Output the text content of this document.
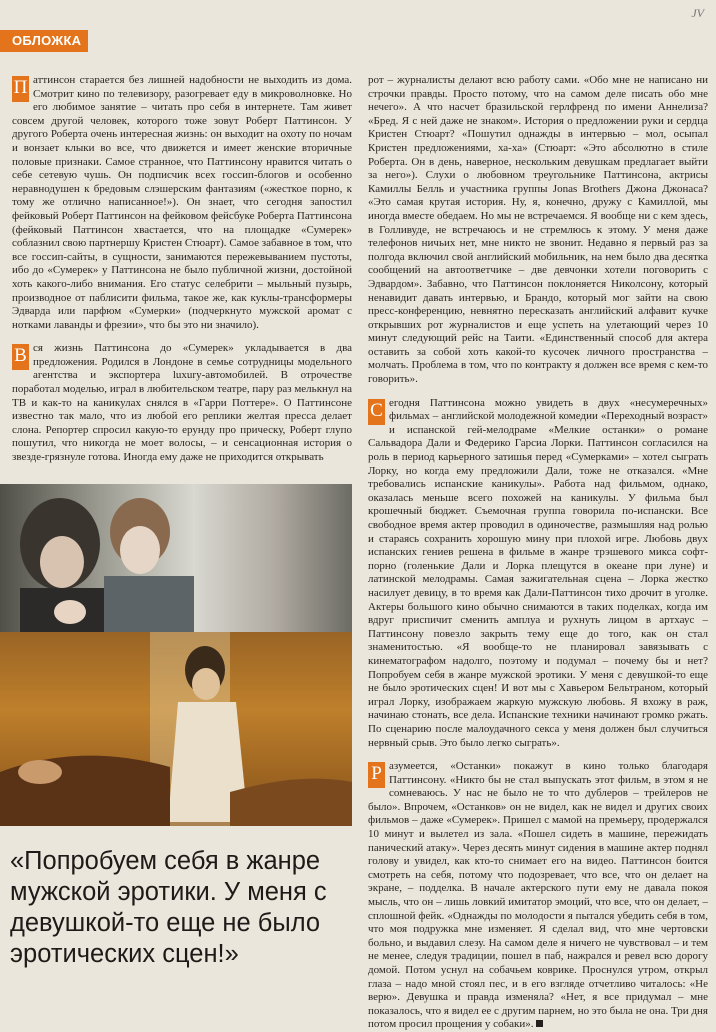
ОБЛОЖКА
JV

П аттинсон старается без лишней надобности не выходить из дома. Смотрит кино по телевизору, разогревает еду в микроволновке. Но его любимое занятие – читать про себя в интернете. Там живет совсем другой человек, которого тоже зовут Роберт Паттинсон. У другого Роберта очень интересная жизнь: он выходит на охоту по ночам и вонзает клыки во все, что движется и имеет женские вторичные половые признаки. Самое странное, что Паттинсону нравится читать о себе сетевую чушь. Он подписчик всех госсип-блогов и особенно неравнодушен к бредовым слэшерским фантазиям («жесткое порно, к тому же отлично написанное!»). Он знает, что сегодня запостил фейковый Роберт Паттинсон на фейковом фейсбуке Роберта Паттинсона (фейковый Паттинсон хвастается, что на площадке «Сумерек» соблазнил свою партнершу Кристен Стюарт). Самое забавное в том, что все госсип-сайты, в сущности, занимаются пережевыванием пустоты, ибо до «Сумерек» у Паттинсона не было публичной жизни, достойной хоть какого-либо внимания. Его статус селебрити – мыльный пузырь, производное от паблисити фильма, такое же, как куклы-трансформеры Эдварда или парфюм «Сумерки» (подчеркнуто мужской аромат с нотками лаванды и фрезии», что бы это ни значило).

В ся жизнь Паттинсона до «Сумерек» укладывается в два предложения. Родился в Лондоне в семье сотрудницы модельного агентства и экспортера luxury-автомобилей. В отрочестве поработал моделью, играл в любительском театре, пару раз мелькнул на ТВ и как-то на каникулах снялся в «Гарри Поттере». О Паттинсоне известно так мало, что из любой его реплики желтая пресса делает слона. Репортер спросил какую-то ерунду про прическу, Роберт глупо пошутил, что никогда не моет волосы, – и сенсационная история о звезде-грязнуле готова. Иногда ему даже не приходится открывать

«Попробуем себя в жанре мужской эротики. У меня с девушкой-то еще не было эротических сцен!»

рот – журналисты делают всю работу сами. «Обо мне не написано ни строчки правды. Просто потому, что на самом деле писать обо мне нечего». А что насчет бразильской герлфренд по имени Аннелиза? «Бред. Я с ней даже не знаком». История о предложении руки и сердца Кристен Стюарт? «Пошутил однажды в интервью – мол, осыпал Кристен предложениями, ха-ха» (Стюарт: «Это абсолютно в стиле Роберта. Он в день, наверное, нескольким девушкам предлагает выйти за него»). Слухи о любовном треугольнике Паттинсона, актрисы Камиллы Белль и участника группы Jonas Brothers Джона Джонаса? «Это самая крутая история. Ну, я, конечно, дружу с Камиллой, мы иногда вместе обедаем. Но мы не встречаемся. Я вообще ни с кем здесь, в Голливуде, не встречаюсь и не стремлюсь к этому. У меня даже телефонов ничьих нет, мне никто не звонит. Недавно я первый раз за полгода включил свой английский мобильник, на нем было два десятка сообщений на автоответчике – две девчонки хотели поговорить с Эдвардом». Забавно, что Паттинсон поклоняется Николсону, который ненавидит давать интервью, и Брандо, который мог зайти на свою пресс-конференцию, невнятно пересказать английский алфавит кучке открывших рот журналистов и еще успеть на улетающий через 10 минут следующий рейс на Таити. «Единственный способ для актера оставить за собой хоть какой-то кусочек личного пространства – молчать. Проблема в том, что по контракту я должен все время с кем-то говорить».

С егодня Паттинсона можно увидеть в двух «несумеречных» фильмах – английской молодежной комедии «Переходный возраст» и испанской гей-мелодраме «Мелкие останки» о романе Сальвадора Дали и Федерико Гарсиа Лорки. Паттинсон согласился на роль в период карьерного затишья перед «Сумерками» – хотел сыграть Лорку, но когда ему предложили Дали, тоже не отказался. «Мне требовались испанские каникулы». Работа над фильмом, однако, оказалась меньше всего похожей на каникулы. У фильма был крошечный бюджет. Съемочная группа говорила по-испански. Все свободное время актер проводил в одиночестве, размышляя над ролью и стараясь сохранить хорошую мину при плохой игре. Любовь двух испанских гениев решена в фильме в жанре трэшевого микса софт-порно (голенькие Дали и Лорка плещутся в океане при луне) и латинской мелодрамы. Самая зажигательная сцена – Лорка жестко насилует девицу, в то время как Дали-Паттинсон тихо дрочит в уголке. Актеры большого кино обычно снимаются в таких поделках, когда им вдруг приспичит сменить амплуа и рухнуть лицом в артхаус – Паттинсону повезло закрыть тему еще до того, как он стал знаменитостью. «Я вообще-то не планировал завязывать с кинематографом надолго, поэтому и подумал – почему бы и нет? Попробуем себя в жанре мужской эротики. У меня с девушкой-то еще не было эротических сцен! И вот мы с Хавьером Бельтраном, который играл Лорку, изображаем жаркую мужскую любовь. Я вхожу в раж, начинаю стонать, все дела. Испанские техники начинают громко ржать. По сценарию после малоудачного секса у меня должен был случиться нервный срыв. Это было легко сыграть».

Р азумеется, «Останки» покажут в кино только благодаря Паттинсону. «Никто бы не стал выпускать этот фильм, в этом я не сомневаюсь. У нас не было не то что дублеров – трейлеров не было». Впрочем, «Останков» он не видел, как не видел и других своих фильмов – даже «Сумерек». Пришел с мамой на премьеру, продержался 10 минут и вылетел из зала. «Пошел сидеть в машине, пережидать панический атаку». Через десять минут сидения в машине актер поднял голову и увидел, как кто-то снимает его на видео. Паттинсон боится смотреть на себя, потому что подозревает, что все, что он делает на экране, – подделка. В начале актерского пути ему не давала покоя мысль, что он – лишь ловкий имитатор эмоций, что все, что он делает, – сплошной фейк. «Однажды по молодости я пытался убедить себя в том, что моя подружка мне изменяет. Я сделал вид, что мне чертовски больно, и выдавил слезу. На самом деле я ничего не чувствовал – и тем не менее, следуя традиции, пошел в паб, нажрался и ревел всю дорогу домой. Потом уснул на собачьем коврике. Проснулся утром, открыл глаза – надо мной стоял пес, и в его взгляде отчетливо читалось: «Не верю». Девушка и правда изменяла? «Нет, я все придумал – мне показалось, что я видел ее с другим парнем, но это была не она. Три дня потом просил прощения у собаки».
